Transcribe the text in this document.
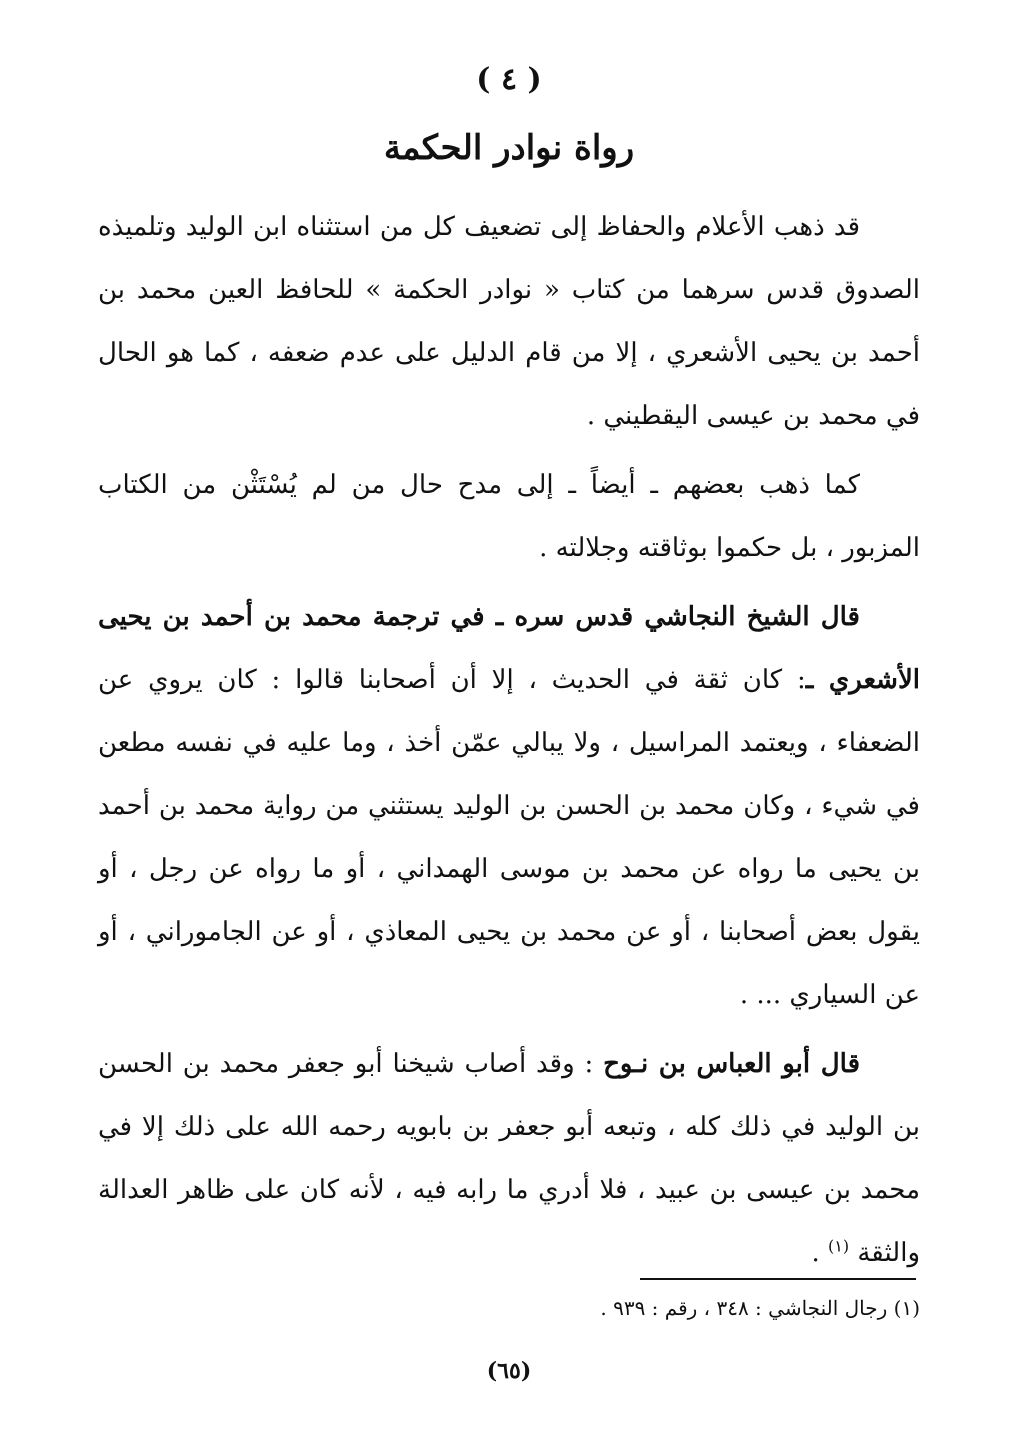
( ٤ )
رواة نوادر الحكمة

قد ذهب الأعلام والحفاظ إلى تضعيف كل من استثناه ابن الوليد وتلميذه الصدوق قدس سرهما من كتاب « نوادر الحكمة » للحافظ العين محمد بن أحمد بن يحيى الأشعري ، إلا من قام الدليل على عدم ضعفه ، كما هو الحال في محمد بن عيسى اليقطيني .

كما ذهب بعضهم ـ أيضاً ـ إلى مدح حال من لم يُسْتَثْن من الكتاب المزبور ، بل حكموا بوثاقته وجلالته .

قال الشيخ النجاشي قدس سره ـ في ترجمة محمد بن أحمد بن يحيى الأشعري ـ: كان ثقة في الحديث ، إلا أن أصحابنا قالوا : كان يروي عن الضعفاء ، ويعتمد المراسيل ، ولا يبالي عمّن أخذ ، وما عليه في نفسه مطعن في شيء ، وكان محمد بن الحسن بن الوليد يستثني من رواية محمد بن أحمد بن يحيى ما رواه عن محمد بن موسى الهمداني ، أو ما رواه عن رجل ، أو يقول بعض أصحابنا ، أو عن محمد بن يحيى المعاذي ، أو عن الجاموراني ، أو عن السياري ... .

قال أبو العباس بن نـوح : وقد أصاب شيخنا أبو جعفر محمد بن الحسن بن الوليد في ذلك كله ، وتبعه أبو جعفر بن بابويه رحمه الله على ذلك إلا في محمد بن عيسى بن عبيد ، فلا أدري ما رابه فيه ، لأنه كان على ظاهر العدالة والثقة $^{(١)}$ .

(١) رجال النجاشي : ٣٤٨ ، رقم : ٩٣٩ .
(٦٥)
